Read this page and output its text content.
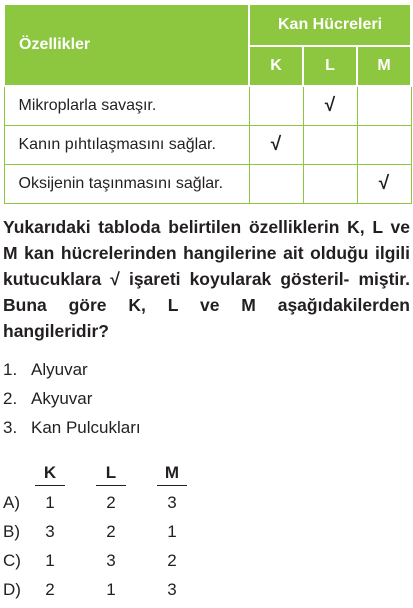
Özellikler	Kan Hücreleri		
	K	L	M
Mikroplarla savaşır.		√	
Kanın pıhtılaşmasını sağlar.	√		
Oksijenin taşınmasını sağlar.			√
Yukarıdaki tabloda belirtilen özelliklerin K, L ve M kan hücrelerinden hangilerine ait olduğu ilgili kutucuklara √ işareti koyularak gösteril- miştir. Buna göre K, L ve M aşağıdakilerden hangileridir?
1. Alyuvar
2. Akyuvar
3. Kan Pulcukları
K	L	M
A)	1	2	3
B)	3	2	1
C)	1	3	2
D)	2	1	3
